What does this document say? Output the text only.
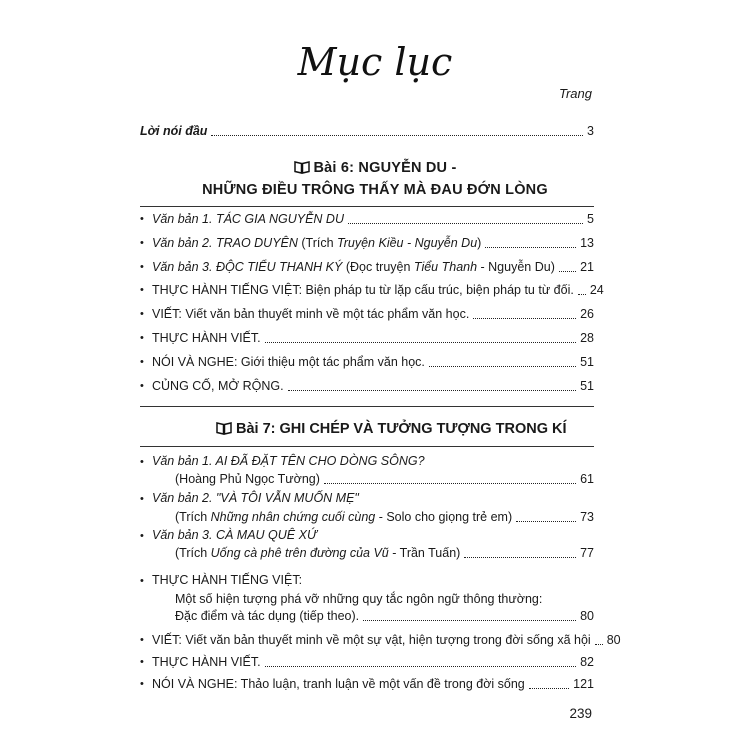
Mục lục
Trang
Lời nói đầu	3
Bài 6: NGUYỄN DU -
NHỮNG ĐIỀU TRÔNG THẤY MÀ ĐAU ĐỚN LÒNG
• Văn bản 1. TÁC GIA NGUYỄN DU	5
• Văn bản 2. TRAO DUYÊN (Trích Truyện Kiều - Nguyễn Du)	13
• Văn bản 3. ĐỘC TIỂU THANH KÝ (Đọc truyện Tiểu Thanh - Nguyễn Du) 21
• THỰC HÀNH TIẾNG VIỆT: Biện pháp tu từ lặp cấu trúc, biện pháp tu từ đối. 24
• VIẾT: Viết văn bản thuyết minh về một tác phẩm văn học.	26
• THỰC HÀNH VIẾT.	28
• NÓI VÀ NGHE: Giới thiệu một tác phẩm văn học.	51
• CỦNG CỐ, MỞ RỘNG.	51
Bài 7: GHI CHÉP VÀ TƯỞNG TƯỢNG TRONG KÍ
• Văn bản 1. AI ĐÃ ĐẶT TÊN CHO DÒNG SÔNG?
(Hoàng Phủ Ngọc Tường)	61
• Văn bản 2. "VÀ TÔI VẪN MUỐN MẸ"
(Trích Những nhân chứng cuối cùng - Solo cho giọng trẻ em)	73
• Văn bản 3. CÀ MAU QUÊ XỨ
(Trích Uống cà phê trên đường của Vũ - Trần Tuấn)	77
• THỰC HÀNH TIẾNG VIỆT:
Một số hiện tượng phá vỡ những quy tắc ngôn ngữ thông thường:
Đặc điểm và tác dụng (tiếp theo).	80
• VIẾT: Viết văn bản thuyết minh về một sự vật, hiện tượng trong đời sống xã hội 80
• THỰC HÀNH VIẾT.	82
• NÓI VÀ NGHE: Thảo luận, tranh luận về một vấn đề trong đời sống	121
239
